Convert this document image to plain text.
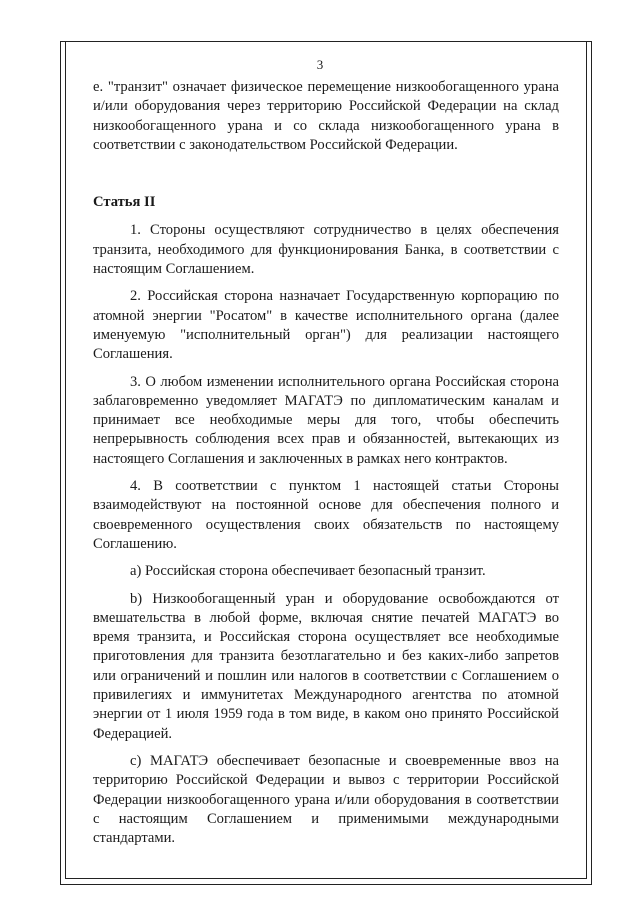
3

е. "транзит" означает физическое перемещение низкообогащенного урана и/или оборудования через территорию Российской Федерации на склад низкообогащенного урана и со склада низкообогащенного урана в соответствии с законодательством Российской Федерации.

Статья II

1. Стороны осуществляют сотрудничество в целях обеспечения транзита, необходимого для функционирования Банка, в соответствии с настоящим Соглашением.

2. Российская сторона назначает Государственную корпорацию по атомной энергии "Росатом" в качестве исполнительного органа (далее именуемую "исполнительный орган") для реализации настоящего Соглашения.

3. О любом изменении исполнительного органа Российская сторона заблаговременно уведомляет МАГАТЭ по дипломатическим каналам и принимает все необходимые меры для того, чтобы обеспечить непрерывность соблюдения всех прав и обязанностей, вытекающих из настоящего Соглашения и заключенных в рамках него контрактов.

4. В соответствии с пунктом 1 настоящей статьи Стороны взаимодействуют на постоянной основе для обеспечения полного и своевременного осуществления своих обязательств по настоящему Соглашению.

а) Российская сторона обеспечивает безопасный транзит.

b) Низкообогащенный уран и оборудование освобождаются от вмешательства в любой форме, включая снятие печатей МАГАТЭ во время транзита, и Российская сторона осуществляет все необходимые приготовления для транзита безотлагательно и без каких-либо запретов или ограничений и пошлин или налогов в соответствии с Соглашением о привилегиях и иммунитетах Международного агентства по атомной энергии от 1 июля 1959 года в том виде, в каком оно принято Российской Федерацией.

с) МАГАТЭ обеспечивает безопасные и своевременные ввоз на территорию Российской Федерации и вывоз с территории Российской Федерации низкообогащенного урана и/или оборудования в соответствии с настоящим Соглашением и применимыми международными стандартами.
